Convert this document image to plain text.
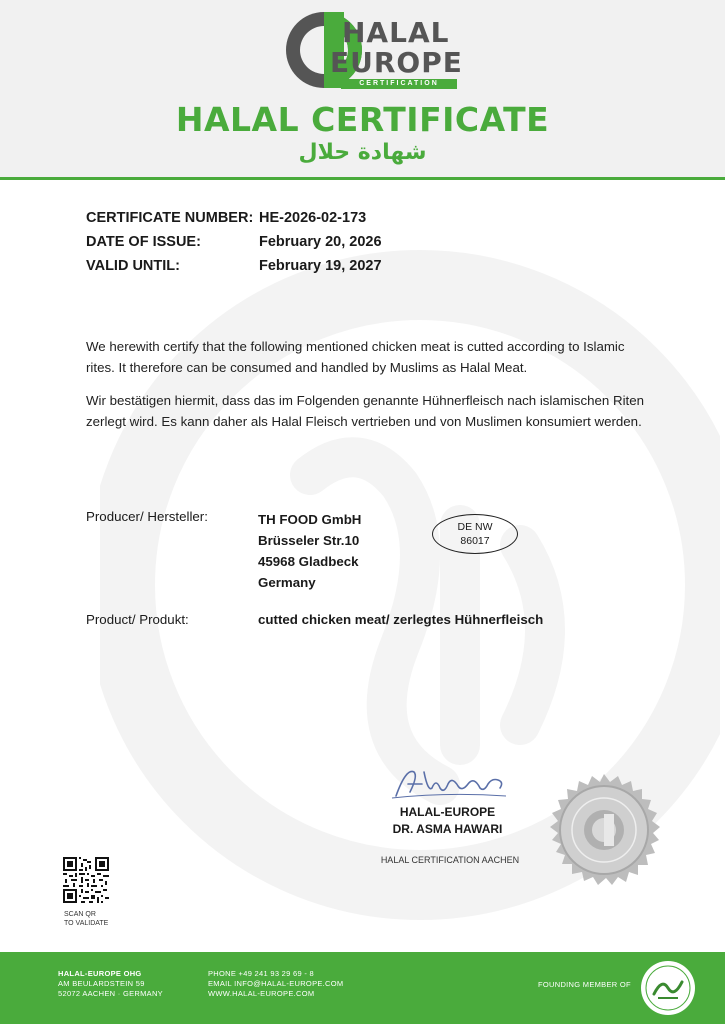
HALAL
EUROPE
CERTIFICATION
HALAL CERTIFICATE
شهادة حلال
CERTIFICATE NUMBER: HE-2026-02-173
DATE OF ISSUE:	February 20, 2026
VALID UNTIL:	February 19, 2027

We herewith certify that the following mentioned chicken meat is cutted according to Islamic rites. It therefore can be consumed and handled by Muslims as Halal Meat.

Wir bestätigen hiermit, dass das im Folgenden genannte Hühnerfleisch nach islamischen Riten zerlegt wird. Es kann daher als Halal Fleisch vertrieben und von Muslimen konsumiert werden.

Producer/ Hersteller:	TH FOOD GmbH
Brüsseler Str.10
45968 Gladbeck
Germany
DE NW
86017
Product/ Produkt:	cutted chicken meat/ zerlegtes Hühnerfleisch
HALAL-EUROPE
DR. ASMA HAWARI
HALAL CERTIFICATION AACHEN
SCAN QR
TO VALIDATE
HALAL-EUROPE OHG
AM BEULARDSTEIN 59
52072 AACHEN · GERMANY
PHONE +49 241 93 29 69 - 8
EMAIL INFO@HALAL-EUROPE.COM
WWW.HALAL-EUROPE.COM
FOUNDING MEMBER OF
